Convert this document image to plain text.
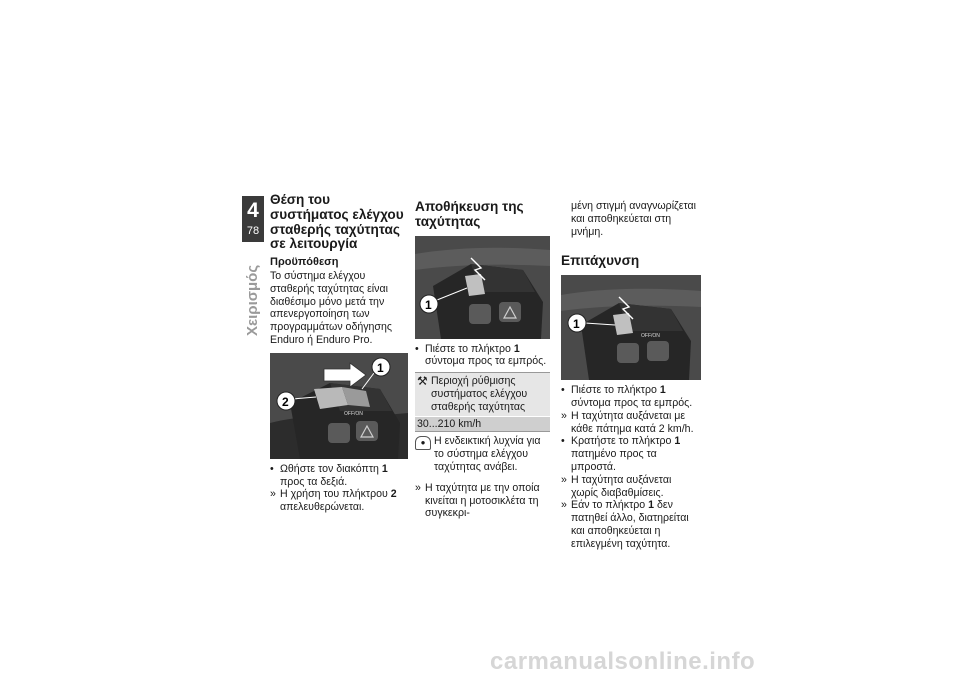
4
78
Χειρισμός
Θέση του συστήματος ελέγχου σταθερής ταχύτητας σε λειτουργία
Προϋπόθεση

Το σύστημα ελέγχου σταθερής ταχύτητας είναι διαθέσιμο μόνο μετά την απενεργοποίηση των προγραμμάτων οδήγησης Enduro ή Enduro Pro.

OFF/ON
1
2
• Ωθήστε τον διακόπτη 1 προς τα δεξιά.
» Η χρήση του πλήκτρου 2 απελευθερώνεται.
Αποθήκευση της ταχύτητας
1
• Πιέστε το πλήκτρο 1 σύντομα προς τα εμπρός.
⚒ Περιοχή ρύθμισης συστήματος ελέγχου σταθερής ταχύτητας
30...210 km/h
● Η ενδεικτική λυχνία για το σύστημα ελέγχου ταχύτητας ανάβει.
» Η ταχύτητα με την οποία κινείται η μοτοσικλέτα τη συγκεκρι-

μένη στιγμή αναγνωρίζεται και αποθηκεύεται στη μνήμη.

Επιτάχυνση
OFF/ON
1
• Πιέστε το πλήκτρο 1 σύντομα προς τα εμπρός.
» Η ταχύτητα αυξάνεται με κάθε πάτημα κατά 2 km/h.
• Κρατήστε το πλήκτρο 1 πατημένο προς τα μπροστά.
» Η ταχύτητα αυξάνεται χωρίς διαβαθμίσεις.
» Εάν το πλήκτρο 1 δεν πατηθεί άλλο, διατηρείται και αποθηκεύεται η επιλεγμένη ταχύτητα.
carmanualsonline.info
